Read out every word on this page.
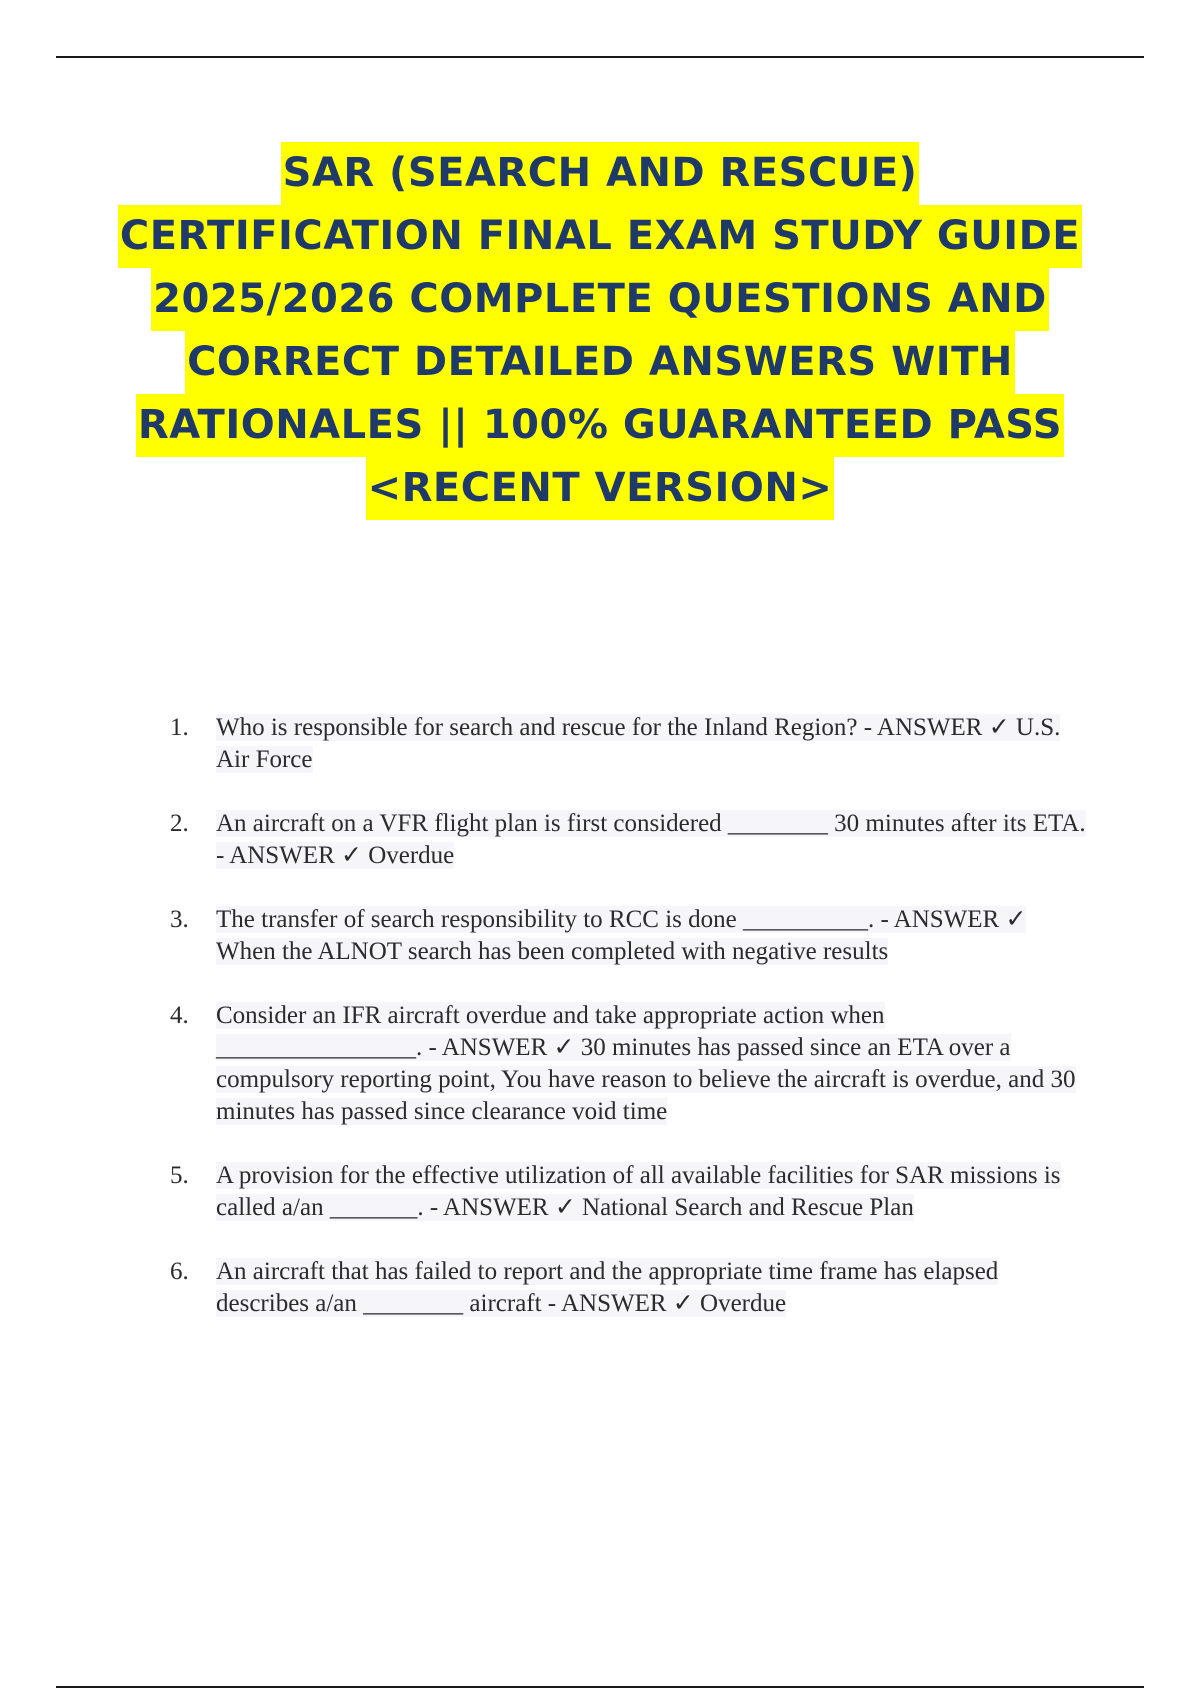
SAR (SEARCH AND RESCUE)
CERTIFICATION FINAL EXAM STUDY GUIDE
2025/2026 COMPLETE QUESTIONS AND
CORRECT DETAILED ANSWERS WITH
RATIONALES || 100% GUARANTEED PASS
<RECENT VERSION>
1.	Who is responsible for search and rescue for the Inland Region? - ANSWER ✓ U.S. Air Force
2.	An aircraft on a VFR flight plan is first considered ________ 30 minutes after its ETA. - ANSWER ✓ Overdue
3.	The transfer of search responsibility to RCC is done __________. - ANSWER ✓ When the ALNOT search has been completed with negative results
4.	Consider an IFR aircraft overdue and take appropriate action when ________________. - ANSWER ✓ 30 minutes has passed since an ETA over a compulsory reporting point, You have reason to believe the aircraft is overdue, and 30 minutes has passed since clearance void time
5.	A provision for the effective utilization of all available facilities for SAR missions is called a/an _______. - ANSWER ✓ National Search and Rescue Plan
6.	An aircraft that has failed to report and the appropriate time frame has elapsed describes a/an ________ aircraft - ANSWER ✓ Overdue
